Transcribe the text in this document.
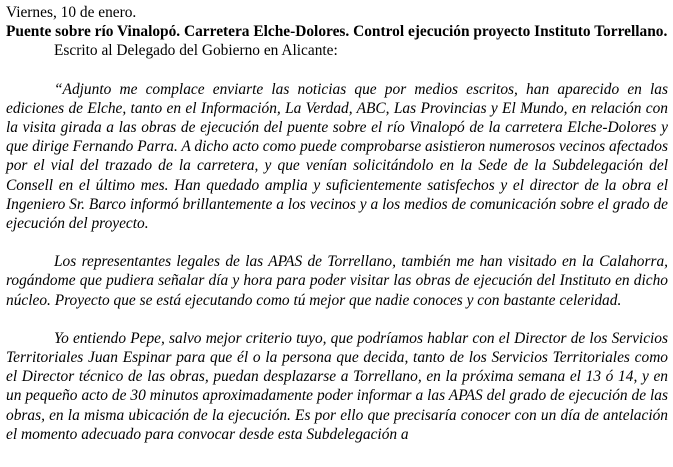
Viernes, 10 de enero.

Puente sobre río Vinalopó. Carretera Elche-Dolores. Control ejecución proyecto Instituto Torrellano.

Escrito al Delegado del Gobierno en Alicante:

“Adjunto me complace enviarte las noticias que por medios escritos, han aparecido en las ediciones de Elche, tanto en el Información, La Verdad, ABC, Las Provincias y El Mundo, en relación con la visita girada a las obras de ejecución del puente sobre el río Vinalopó de la carretera Elche-Dolores y que dirige Fernando Parra. A dicho acto como puede comprobarse asistieron numerosos vecinos afectados por el vial del trazado de la carretera, y que venían solicitándolo en la Sede de la Subdelegación del Consell en el último mes. Han quedado amplia y suficientemente satisfechos y el director de la obra el Ingeniero Sr. Barco informó brillantemente a los vecinos y a los medios de comunicación sobre el grado de ejecución del proyecto.

Los representantes legales de las APAS de Torrellano, también me han visitado en la Calahorra, rogándome que pudiera señalar día y hora para poder visitar las obras de ejecución del Instituto en dicho núcleo. Proyecto que se está ejecutando como tú mejor que nadie conoces y con bastante celeridad.

Yo entiendo Pepe, salvo mejor criterio tuyo, que podríamos hablar con el Director de los Servicios Territoriales Juan Espinar para que él o la persona que decida, tanto de los Servicios Territoriales como el Director técnico de las obras, puedan desplazarse a Torrellano, en la próxima semana el 13 ó 14, y en un pequeño acto de 30 minutos aproximadamente poder informar a las APAS del grado de ejecución de las obras, en la misma ubicación de la ejecución. Es por ello que precisaría conocer con un día de antelación el momento adecuado para convocar desde esta Subdelegación a
